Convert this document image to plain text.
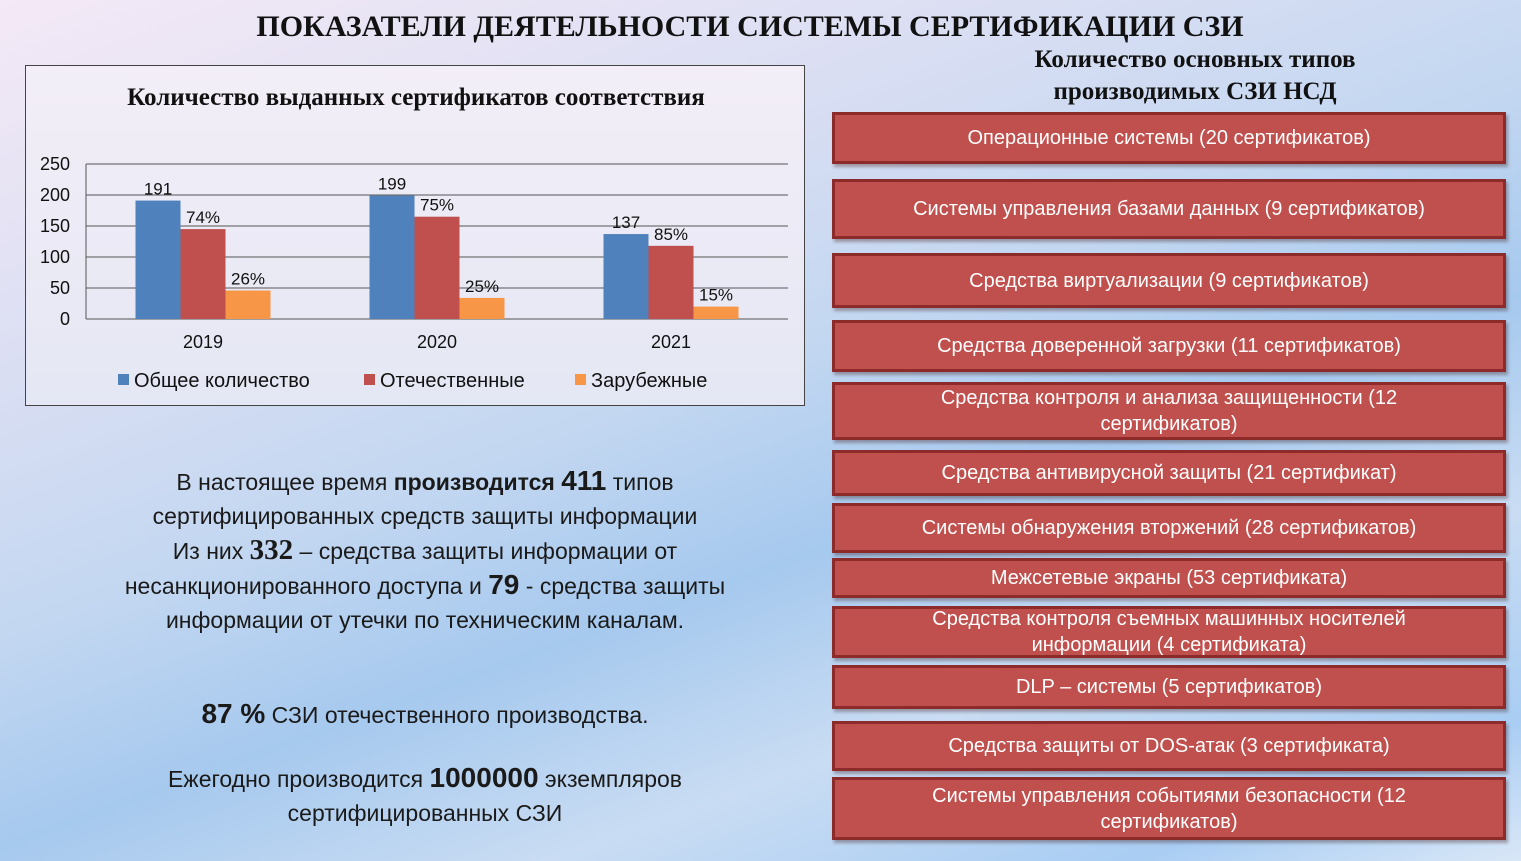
ПОКАЗАТЕЛИ ДЕЯТЕЛЬНОСТИ СИСТЕМЫ СЕРТИФИКАЦИИ СЗИ
Количество выданных сертификатов соответствия
0
50
100
150
200
250
191
74%
26%
2019
199
75%
25%
2020
137
85%
15%
2021
Общее количество	Отечественные	Зарубежные
Количество основных типов производимых СЗИ НСД
Операционные системы (20 сертификатов)
Системы управления базами данных (9 сертификатов)
Средства виртуализации (9 сертификатов)
Средства доверенной загрузки (11 сертификатов)
Средства контроля и анализа защищенности (12 сертификатов)
Средства антивирусной защиты (21 сертификат)
Системы обнаружения вторжений (28 сертификатов)
Межсетевые экраны (53 сертификата)
Средства контроля съемных машинных носителей информации (4 сертификата)
DLP – системы (5 сертификатов)
Средства защиты от DOS-атак (3 сертификата)
Системы управления событиями безопасности (12 сертификатов)
В настоящее время производится 411 типов сертифицированных средств защиты информации
Из них 332 – средства защиты информации от несанкционированного доступа и 79 - средства защиты информации от утечки по техническим каналам.
87 % СЗИ отечественного производства.
Ежегодно производится 1000000 экземпляров сертифицированных СЗИ
